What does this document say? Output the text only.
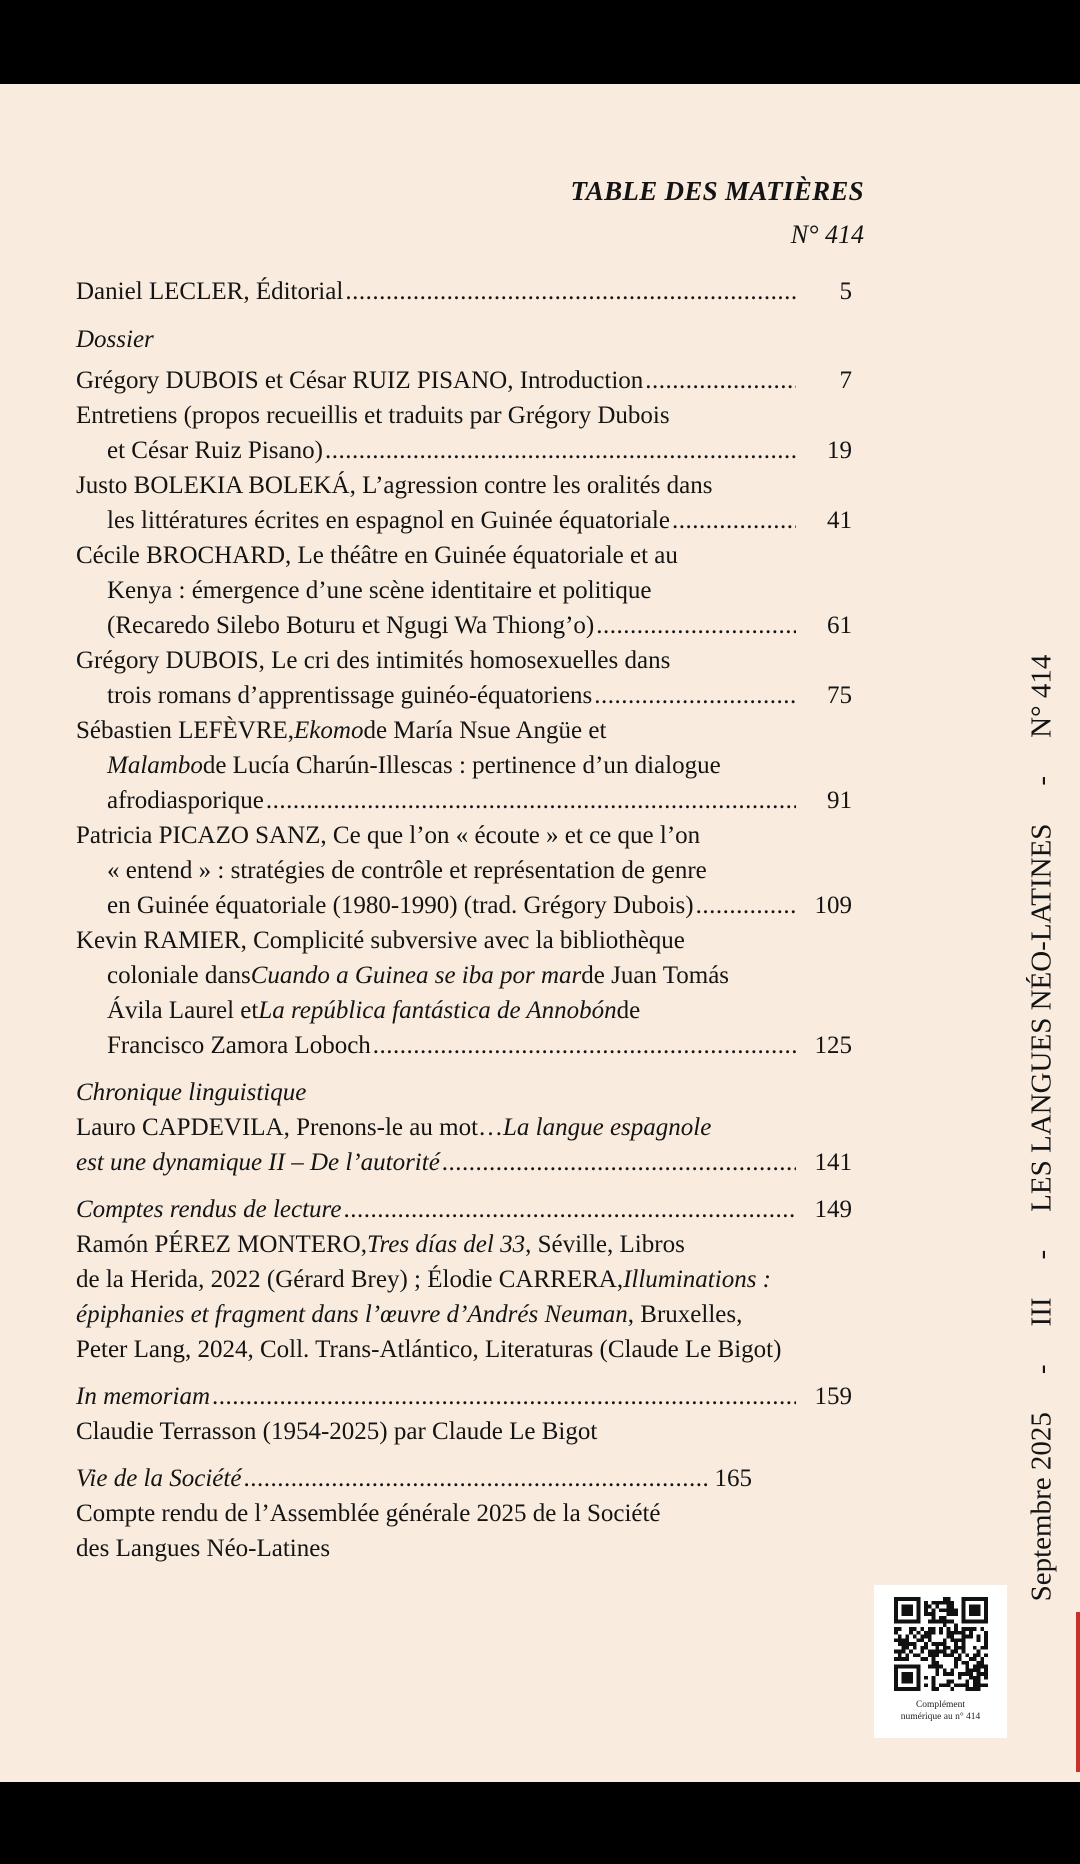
TABLE DES MATIÈRES
N° 414
Daniel LECLER, Éditorial .....	5
Dossier
Grégory DUBOIS et César RUIZ PISANO, Introduction .....	7
Entretiens (propos recueillis et traduits par Grégory Dubois
et César Ruiz Pisano) .....	19
Justo BOLEKIA BOLEKÁ, L’agression contre les oralités dans
les littératures écrites en espagnol en Guinée équatoriale .....	41
Cécile BROCHARD, Le théâtre en Guinée équatoriale et au
Kenya : émergence d’une scène identitaire et politique
(Recaredo Silebo Boturu et Ngugi Wa Thiong’o) .....	61
Grégory DUBOIS, Le cri des intimités homosexuelles dans
trois romans d’apprentissage guinéo-équatoriens .....	75
Sébastien LEFÈVRE, Ekomo de María Nsue Angüe et
Malambo de Lucía Charún-Illescas : pertinence d’un dialogue
afrodiasporique .....	91
Patricia PICAZO SANZ, Ce que l’on « écoute » et ce que l’on
« entend » : stratégies de contrôle et représentation de genre
en Guinée équatoriale (1980-1990) (trad. Grégory Dubois) .....	109
Kevin RAMIER, Complicité subversive avec la bibliothèque
coloniale dans Cuando a Guinea se iba por mar de Juan Tomás
Ávila Laurel et La república fantástica de Annobón de
Francisco Zamora Loboch .....	125
Chronique linguistique
Lauro CAPDEVILA, Prenons-le au mot… La langue espagnole
est une dynamique II – De l’autorité .....	141
Comptes rendus de lecture .....	149
Ramón PÉREZ MONTERO, Tres días del 33 , Séville, Libros
de la Herida, 2022 (Gérard Brey) ; Élodie CARRERA, Illuminations :
épiphanies et fragment dans l’œuvre d’Andrés Neuman , Bruxelles,
Peter Lang, 2024, Coll. Trans-Atlántico, Literaturas (Claude Le Bigot)
In memoriam .....	159
Claudie Terrasson (1954-2025) par Claude Le Bigot
Vie de la Société .....	165
Compte rendu de l’Assemblée générale 2025 de la Société
des Langues Néo-Latines	Septembre 2025-III-LES LANGUES NÉO-LATINES-N° 414
Complément
numérique au n° 414
